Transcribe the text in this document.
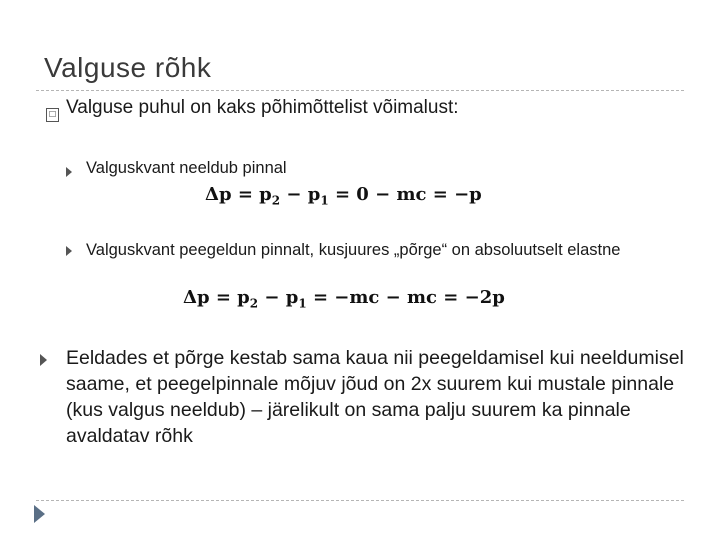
Valguse rõhk
□ Valguse puhul on kaks põhimõttelist võimalust:
Valguskvant neeldub pinnal
$\Delta p = p_2 - p_1 = 0$ − mc = −p
Valguskvant peegeldun pinnalt, kusjuures „põrge“ on absoluutselt elastne
$\Delta p = p_2 - p_1 = -mc$ − mc = −2p
Eeldades et põrge kestab sama kaua nii peegeldamisel kui neeldumisel saame, et peegelpinnale mõjuv jõud on 2x suurem kui mustale pinnale (kus valgus neeldub) – järelikult on sama palju suurem ka pinnale avaldatav rõhk
